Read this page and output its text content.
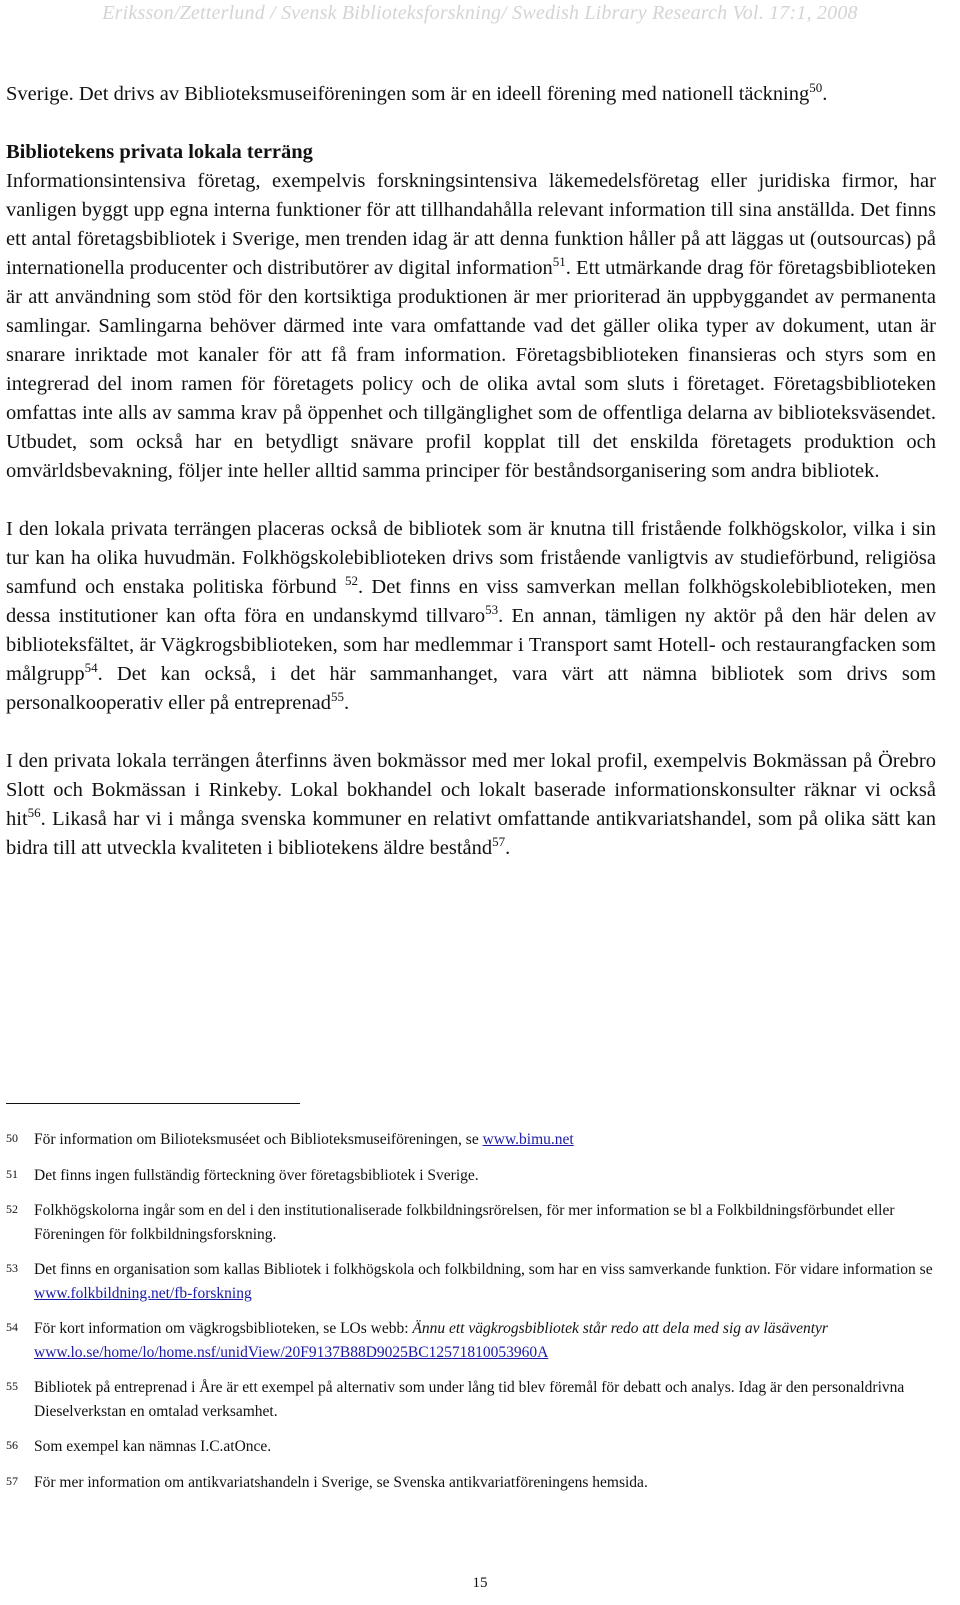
Eriksson/Zetterlund / Svensk Biblioteksforskning/ Swedish Library Research Vol. 17:1, 2008

Sverige. Det drivs av Biblioteksmuseiföreningen som är en ideell förening med nationell täckning$^{50}$.

Bibliotekens privata lokala terräng

Informationsintensiva företag, exempelvis forskningsintensiva läkemedelsföretag eller juridiska firmor, har vanligen byggt upp egna interna funktioner för att tillhandahålla relevant information till sina anställda. Det finns ett antal företagsbibliotek i Sverige, men trenden idag är att denna funktion håller på att läggas ut (outsourcas) på internationella producenter och distributörer av digital information$^{51}$. Ett utmärkande drag för företagsbiblioteken är att användning som stöd för den kortsiktiga produktionen är mer prioriterad än uppbyggandet av permanenta samlingar. Samlingarna behöver därmed inte vara omfattande vad det gäller olika typer av dokument, utan är snarare inriktade mot kanaler för att få fram information. Företagsbiblioteken finansieras och styrs som en integrerad del inom ramen för företagets policy och de olika avtal som sluts i företaget. Företagsbiblioteken omfattas inte alls av samma krav på öppenhet och tillgänglighet som de offentliga delarna av biblioteksväsendet. Utbudet, som också har en betydligt snävare profil kopplat till det enskilda företagets produktion och omvärldsbevakning, följer inte heller alltid samma principer för beståndsorganisering som andra bibliotek.

I den lokala privata terrängen placeras också de bibliotek som är knutna till fristående folkhögskolor, vilka i sin tur kan ha olika huvudmän. Folkhögskolebiblioteken drivs som fristående vanligtvis av studieförbund, religiösa samfund och enstaka politiska förbund $^{52}$. Det finns en viss samverkan mellan folkhögskolebiblioteken, men dessa institutioner kan ofta föra en undanskymd tillvaro$^{53}$. En annan, tämligen ny aktör på den här delen av biblioteksfältet, är Vägkrogsbiblioteken, som har medlemmar i Transport samt Hotell- och restaurangfacken som målgrupp$^{54}$. Det kan också, i det här sammanhanget, vara värt att nämna bibliotek som drivs som personalkooperativ eller på entreprenad$^{55}$.

I den privata lokala terrängen återfinns även bokmässor med mer lokal profil, exempelvis Bokmässan på Örebro Slott och Bokmässan i Rinkeby. Lokal bokhandel och lokalt baserade informationskonsulter räknar vi också hit$^{56}$. Likaså har vi i många svenska kommuner en relativt omfattande antikvariatshandel, som på olika sätt kan bidra till att utveckla kvaliteten i bibliotekens äldre bestånd$^{57}$.

50	För information om Bilioteksmuséet och Biblioteksmuseiföreningen, se www.bimu.net
51	Det finns ingen fullständig förteckning över företagsbibliotek i Sverige.
52	Folkhögskolorna ingår som en del i den institutionaliserade folkbildningsrörelsen, för mer information se bl a Folkbildningsförbundet eller Föreningen för folkbildningsforskning.
53	Det finns en organisation som kallas Bibliotek i folkhögskola och folkbildning, som har en viss samverkande funktion. För vidare information se www.folkbildning.net/fb-forskning
54	För kort information om vägkrogsbiblioteken, se LOs webb: Ännu ett vägkrogsbibliotek står redo att dela med sig av läsäventyr www.lo.se/home/lo/home.nsf/unidView/20F9137B88D9025BC12571810053960A
55	Bibliotek på entreprenad i Åre är ett exempel på alternativ som under lång tid blev föremål för debatt och analys. Idag är den personaldrivna Dieselverkstan en omtalad verksamhet.
56	Som exempel kan nämnas I.C.atOnce.
57	För mer information om antikvariatshandeln i Sverige, se Svenska antikvariatföreningens hemsida.
15
